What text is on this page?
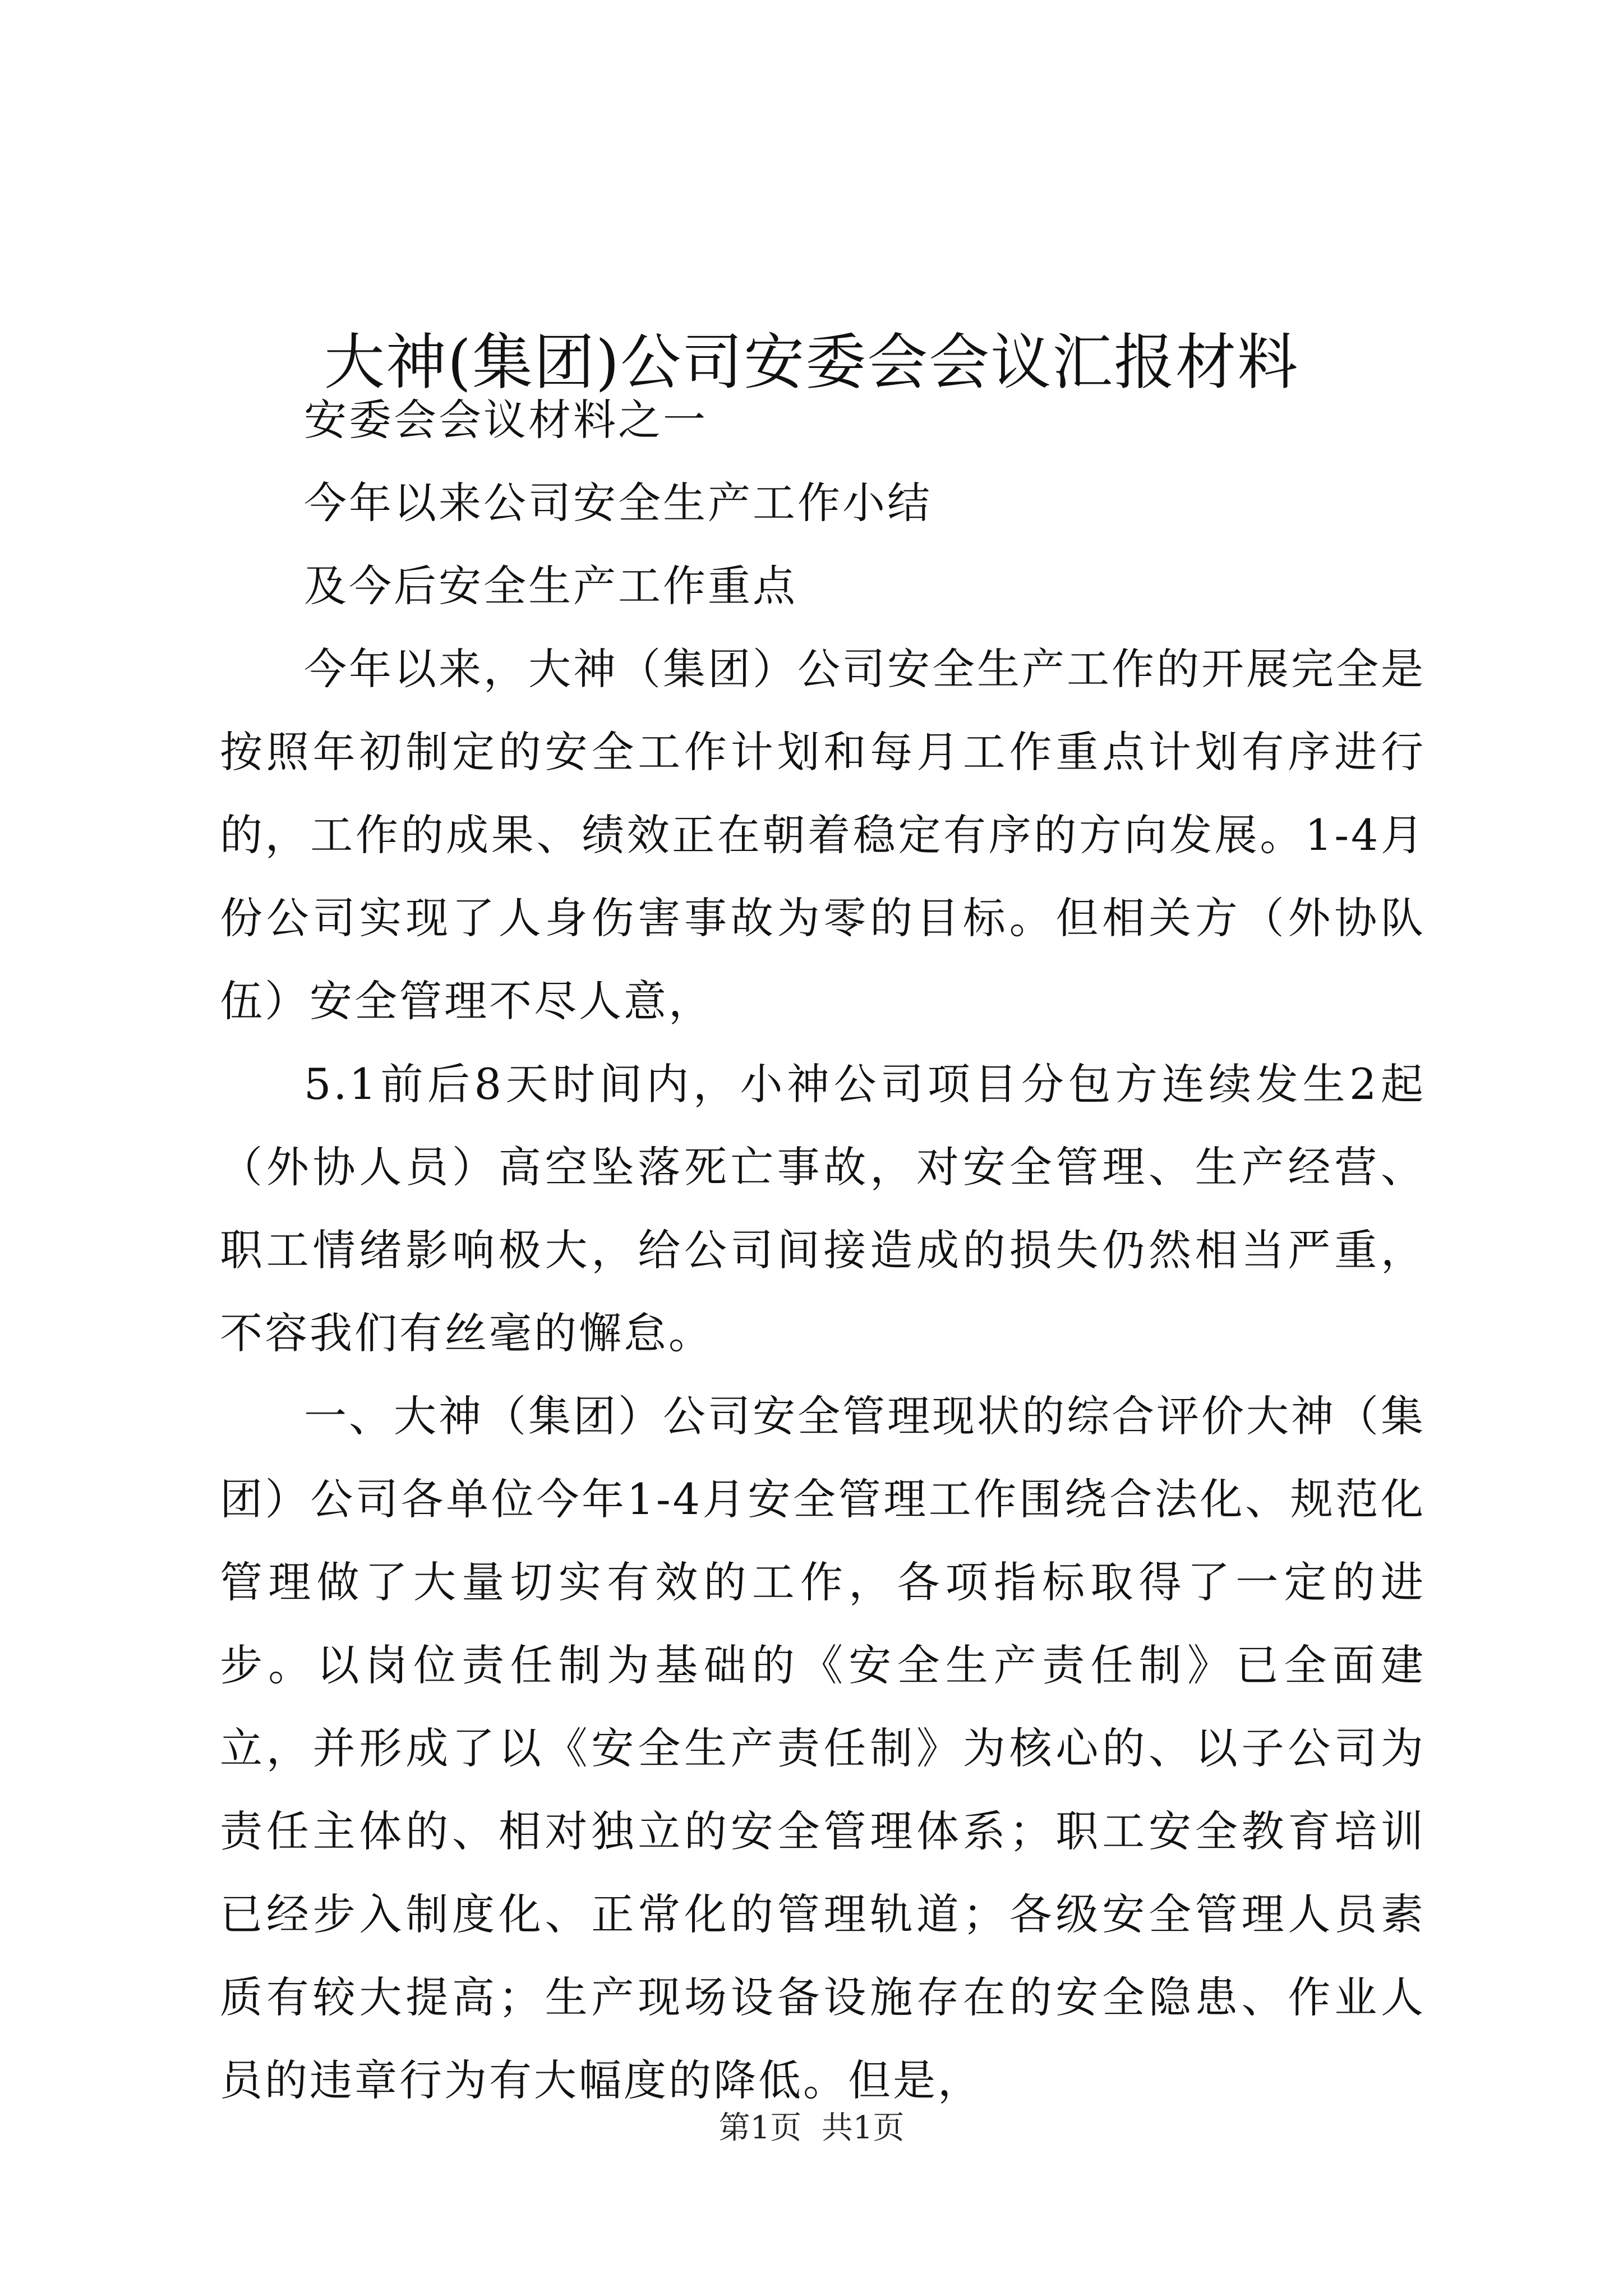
大神(集团)公司安委会会议汇报材料

安委会会议材料之一

今年以来公司安全生产工作小结

及今后安全生产工作重点

今年以来，大神（集团）公司安全生产工作的开展完全是按照年初制定的安全工作计划和每月工作重点计划有序进行的，工作的成果、绩效正在朝着稳定有序的方向发展。1-4月份公司实现了人身伤害事故为零的目标。但相关方（外协队伍）安全管理不尽人意，

5.1前后8天时间内，小神公司项目分包方连续发生2起（外协人员）高空坠落死亡事故，对安全管理、生产经营、职工情绪影响极大，给公司间接造成的损失仍然相当严重，不容我们有丝毫的懈怠。

一、大神（集团）公司安全管理现状的综合评价大神（集团）公司各单位今年1-4月安全管理工作围绕合法化、规范化管理做了大量切实有效的工作，各项指标取得了一定的进步。以岗位责任制为基础的《安全生产责任制》已全面建立，并形成了以《安全生产责任制》为核心的、以子公司为责任主体的、相对独立的安全管理体系；职工安全教育培训已经步入制度化、正常化的管理轨道；各级安全管理人员素质有较大提高；生产现场设备设施存在的安全隐患、作业人员的违章行为有大幅度的降低。但是，

第1页  共1页
